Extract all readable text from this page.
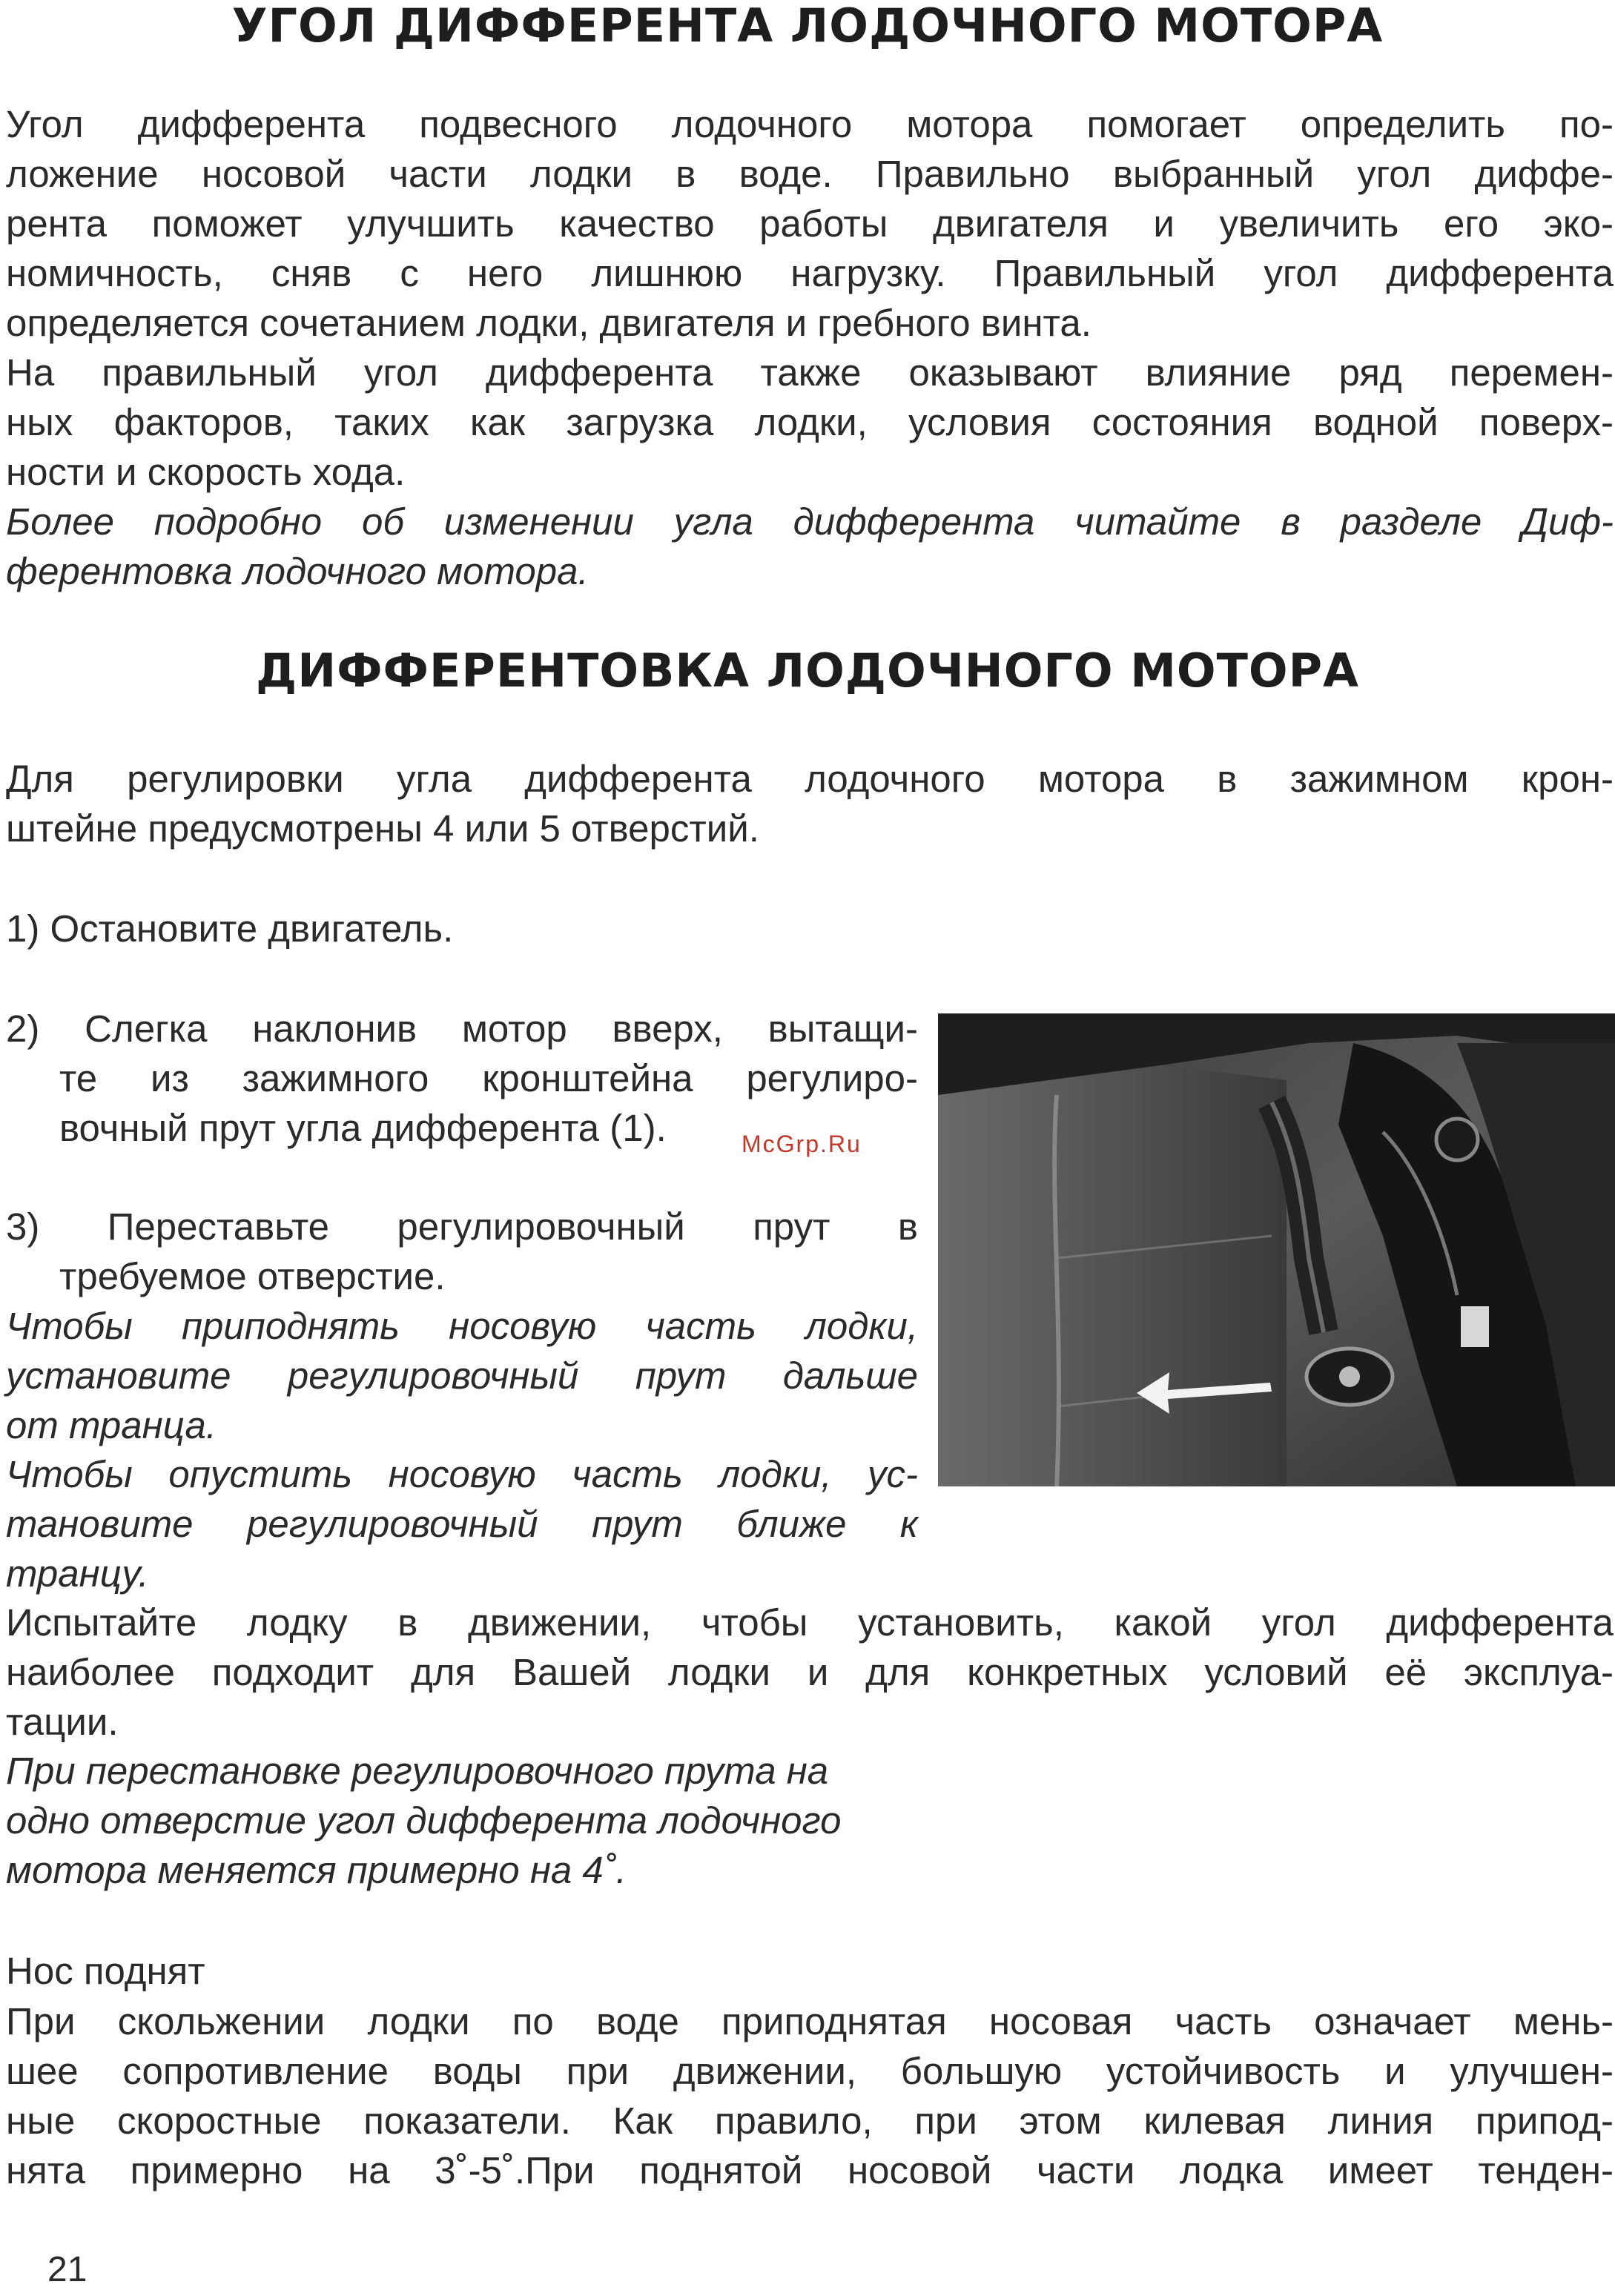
УГОЛ ДИФФЕРЕНТА ЛОДОЧНОГО МОТОРА
Угол дифферента подвесного лодочного мотора помогает определить по-
ложение носовой части лодки в воде. Правильно выбранный угол диффе-
рента поможет улучшить качество работы двигателя и увеличить его эко-
номичность, сняв с него лишнюю нагрузку. Правильный угол дифферента
определяется сочетанием лодки, двигателя и гребного винта.
На правильный угол дифферента также оказывают влияние ряд перемен-
ных факторов, таких как загрузка лодки, условия состояния водной поверх-
ности и скорость хода.
Более подробно об изменении угла дифферента читайте в разделе Диф-
ферентовка лодочного мотора.
ДИФФЕРЕНТОВКА ЛОДОЧНОГО МОТОРА
Для регулировки угла дифферента лодочного мотора в зажимном крон-
штейне предусмотрены 4 или 5 отверстий.
1) Остановите двигатель.
2) Слегка наклонив мотор вверх, вытащи-
те из зажимного кронштейна регулиро-
вочный прут угла дифферента (1).
3) Переставьте регулировочный прут в
требуемое отверстие.
Чтобы приподнять носовую часть лодки,
установите регулировочный прут дальше
от транца.
Чтобы опустить носовую часть лодки, ус-
тановите регулировочный прут ближе к
транцу.
Испытайте лодку в движении, чтобы установить, какой угол дифферента
наиболее подходит для Вашей лодки и для конкретных условий её эксплуа-
тации.
При перестановке регулировочного прута на
одно отверстие угол дифферента лодочного
мотора меняется примерно на 4˚.
Нос поднят
При скольжении лодки по воде приподнятая носовая часть означает мень-
шее сопротивление воды при движении, большую устойчивость и улучшен-
ные скоростные показатели. Как правило, при этом килевая линия припод-
нята примерно на 3˚-5˚.При поднятой носовой части лодка имеет тенден-
McGrp.Ru
21
